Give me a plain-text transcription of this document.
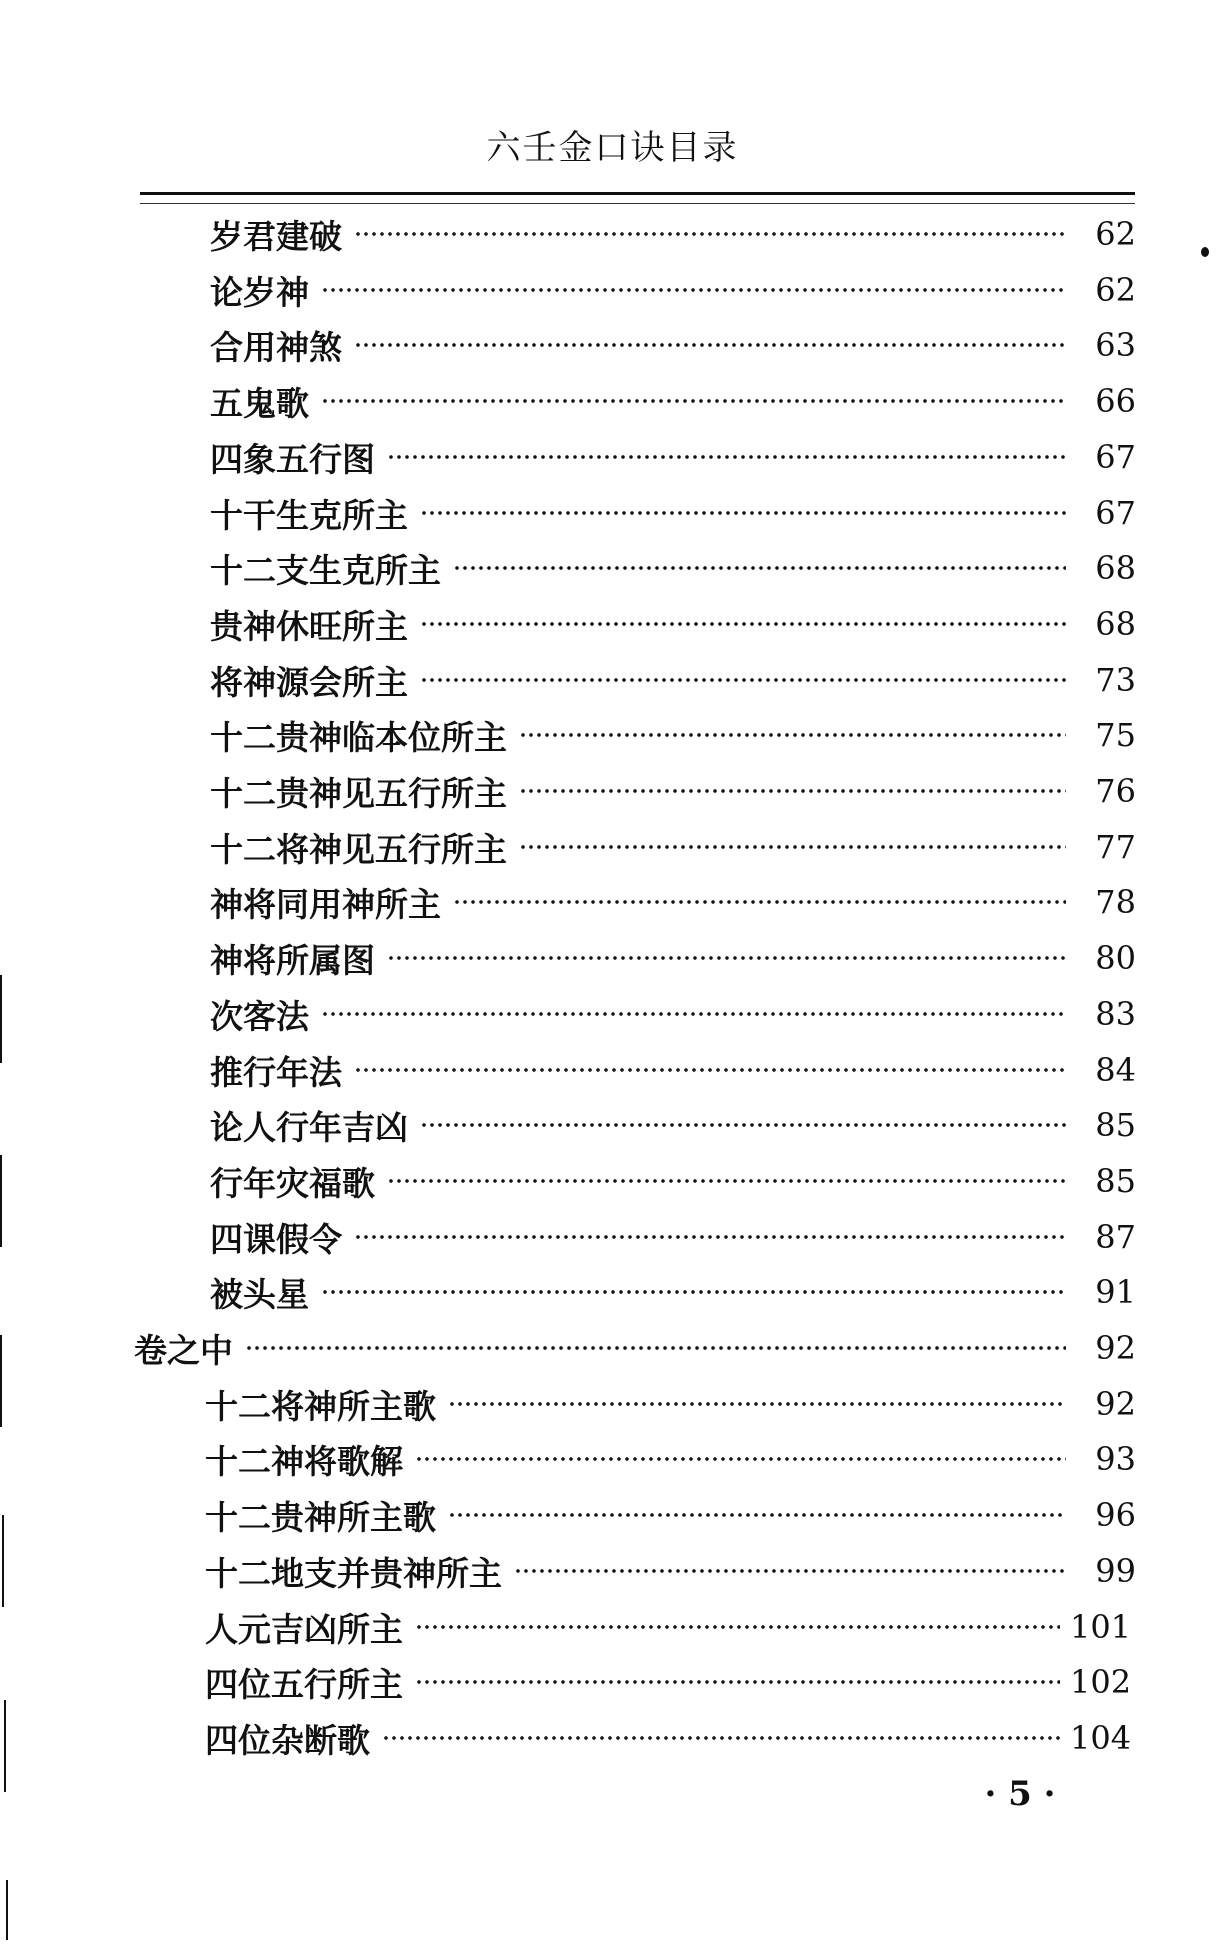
六壬金口诀目录
岁君建破	62
论岁神	62
合用神煞	63
五鬼歌	66
四象五行图	67
十干生克所主	67
十二支生克所主	68
贵神休旺所主	68
将神源会所主	73
十二贵神临本位所主	75
十二贵神见五行所主	76
十二将神见五行所主	77
神将同用神所主	78
神将所属图	80
次客法	83
推行年法	84
论人行年吉凶	85
行年灾福歌	85
四课假令	87
被头星	91
卷之中	92
十二将神所主歌	92
十二神将歌解	93
十二贵神所主歌	96
十二地支并贵神所主	99
人元吉凶所主	101
四位五行所主	102
四位杂断歌	104
· 5 ·
